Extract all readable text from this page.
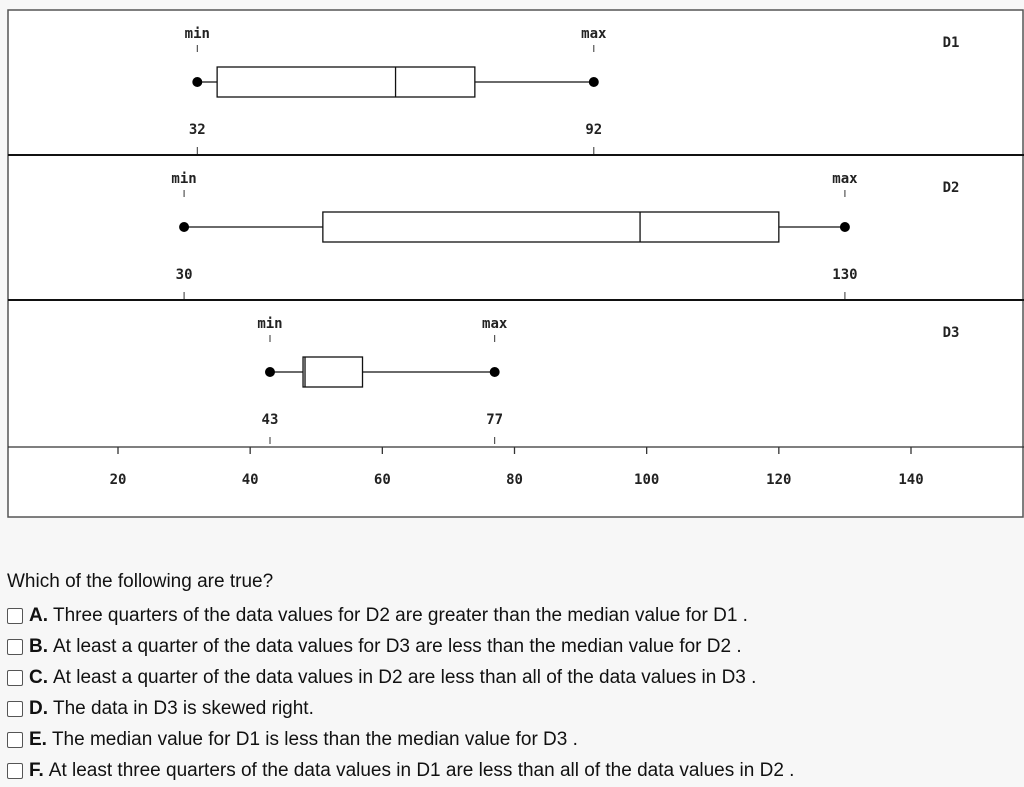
D1
min	max
32	92
D2
min	max
30	130
D3
min	max
43	77
20	40	60	80	100	120	140
Which of the following are true?
A. Three quarters of the data values for D2 are greater than the median value for D1 .
B. At least a quarter of the data values for D3 are less than the median value for D2 .
C. At least a quarter of the data values in D2 are less than all of the data values in D3 .
D. The data in D3 is skewed right.
E. The median value for D1 is less than the median value for D3 .
F. At least three quarters of the data values in D1 are less than all of the data values in D2 .
